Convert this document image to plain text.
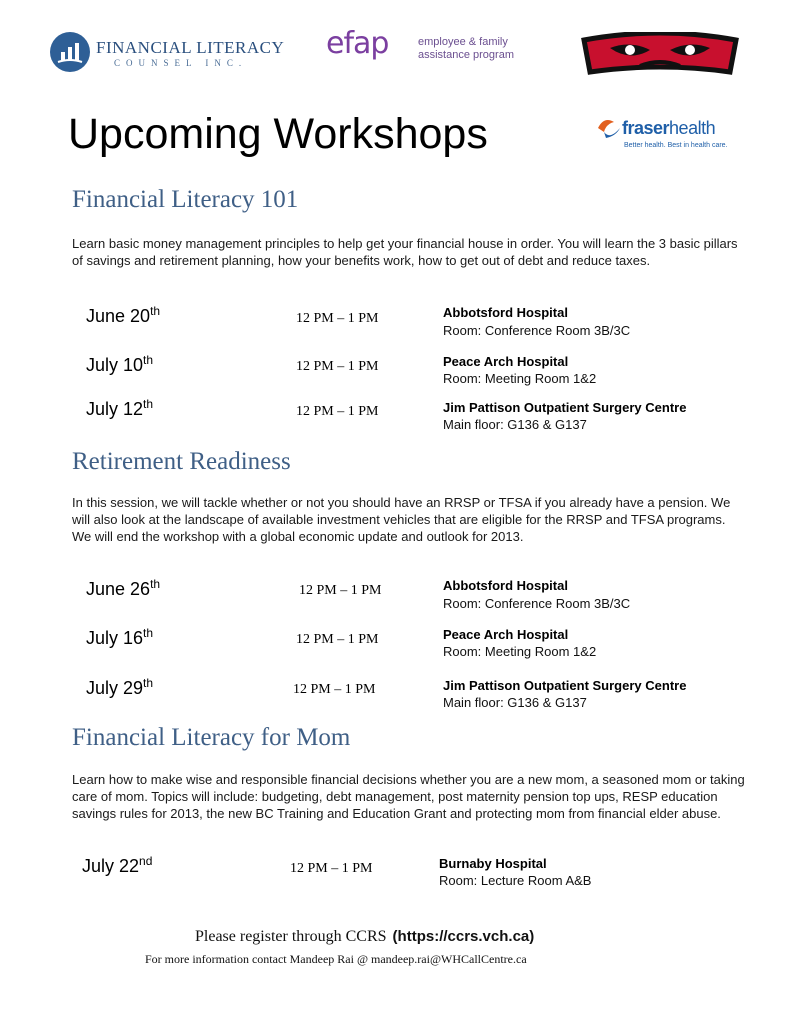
FINANCIAL LITERACY
COUNSEL INC.
efap	employee & family
assistance program
Upcoming Workshops	fraserhealth
Better health. Best in health care.
Financial Literacy 101
Learn basic money management principles to help get your financial house in order. You will learn the 3 basic pillars of savings and retirement planning, how your benefits work, how to get out of debt and reduce taxes.
June 20th	12 PM – 1 PM	Abbotsford Hospital
Room: Conference Room 3B/3C
July 10th	12 PM – 1 PM	Peace Arch Hospital
Room: Meeting Room 1&2
July 12th	12 PM – 1 PM	Jim Pattison Outpatient Surgery Centre
Main floor: G136 & G137
Retirement Readiness
In this session, we will tackle whether or not you should have an RRSP or TFSA if you already have a pension. We will also look at the landscape of available investment vehicles that are eligible for the RRSP and TFSA programs. We will end the workshop with a global economic update and outlook for 2013.
June 26th	12 PM – 1 PM	Abbotsford Hospital
Room: Conference Room 3B/3C
July 16th	12 PM – 1 PM	Peace Arch Hospital
Room: Meeting Room 1&2
July 29th	12 PM – 1 PM	Jim Pattison Outpatient Surgery Centre
Main floor: G136 & G137
Financial Literacy for Mom
Learn how to make wise and responsible financial decisions whether you are a new mom, a seasoned mom or taking care of mom. Topics will include: budgeting, debt management, post maternity pension top ups, RESP education savings rules for 2013, the new BC Training and Education Grant and protecting mom from financial elder abuse.
July 22nd	12 PM – 1 PM	Burnaby Hospital
Room: Lecture Room A&B
Please register through CCRS (https://ccrs.vch.ca)
For more information contact Mandeep Rai @ mandeep.rai@WHCallCentre.ca
